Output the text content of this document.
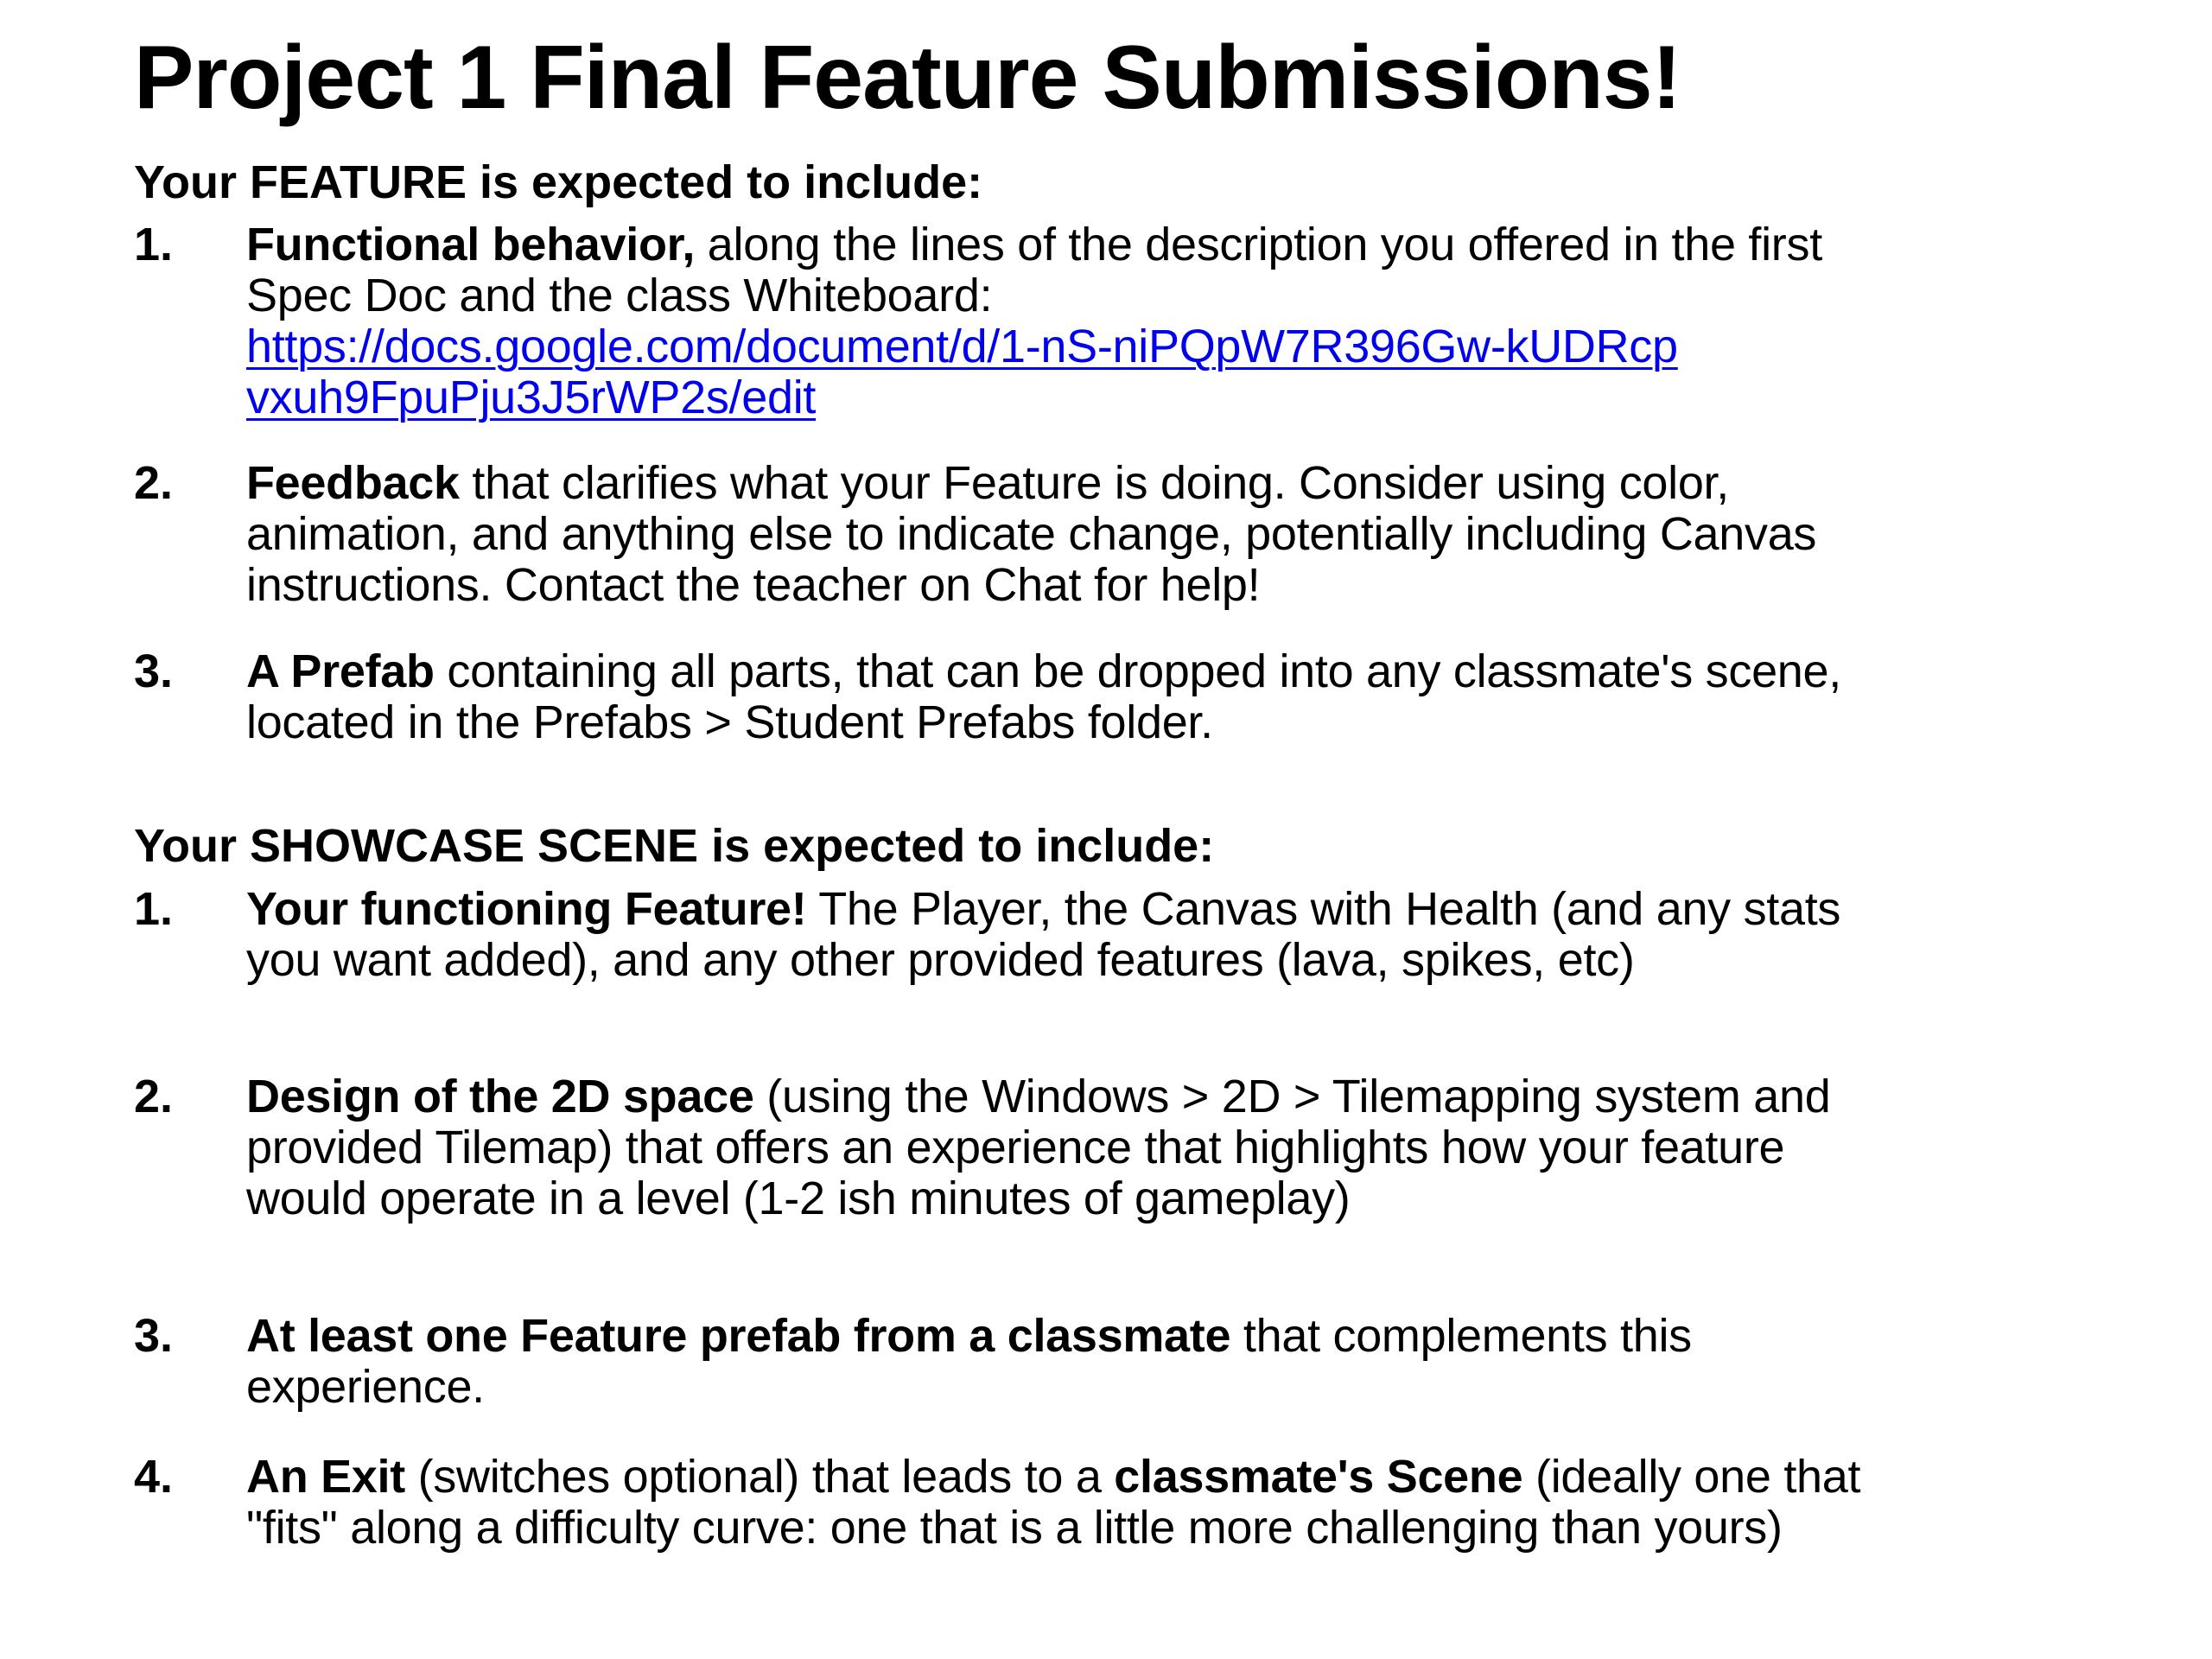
Project 1 Final Feature Submissions!
Your FEATURE is expected to include:
1.	Functional behavior, along the lines of the description you offered in the first Spec Doc and the class Whiteboard:
https://docs.google.com/document/d/1-nS-niPQpW7R396Gw-kUDRcpvxuh9FpuPju3J5rWP2s/edit
2.	Feedback that clarifies what your Feature is doing. Consider using color, animation, and anything else to indicate change, potentially including Canvas instructions. Contact the teacher on Chat for help!
3.	A Prefab containing all parts, that can be dropped into any classmate's scene, located in the Prefabs > Student Prefabs folder.
Your SHOWCASE SCENE is expected to include:
1.	Your functioning Feature! The Player, the Canvas with Health (and any stats you want added), and any other provided features (lava, spikes, etc)
2.	Design of the 2D space (using the Windows > 2D > Tilemapping system and provided Tilemap) that offers an experience that highlights how your feature would operate in a level (1-2 ish minutes of gameplay)
3.	At least one Feature prefab from a classmate that complements this experience.
4.	An Exit (switches optional) that leads to a classmate's Scene (ideally one that "fits" along a difficulty curve: one that is a little more challenging than yours)
